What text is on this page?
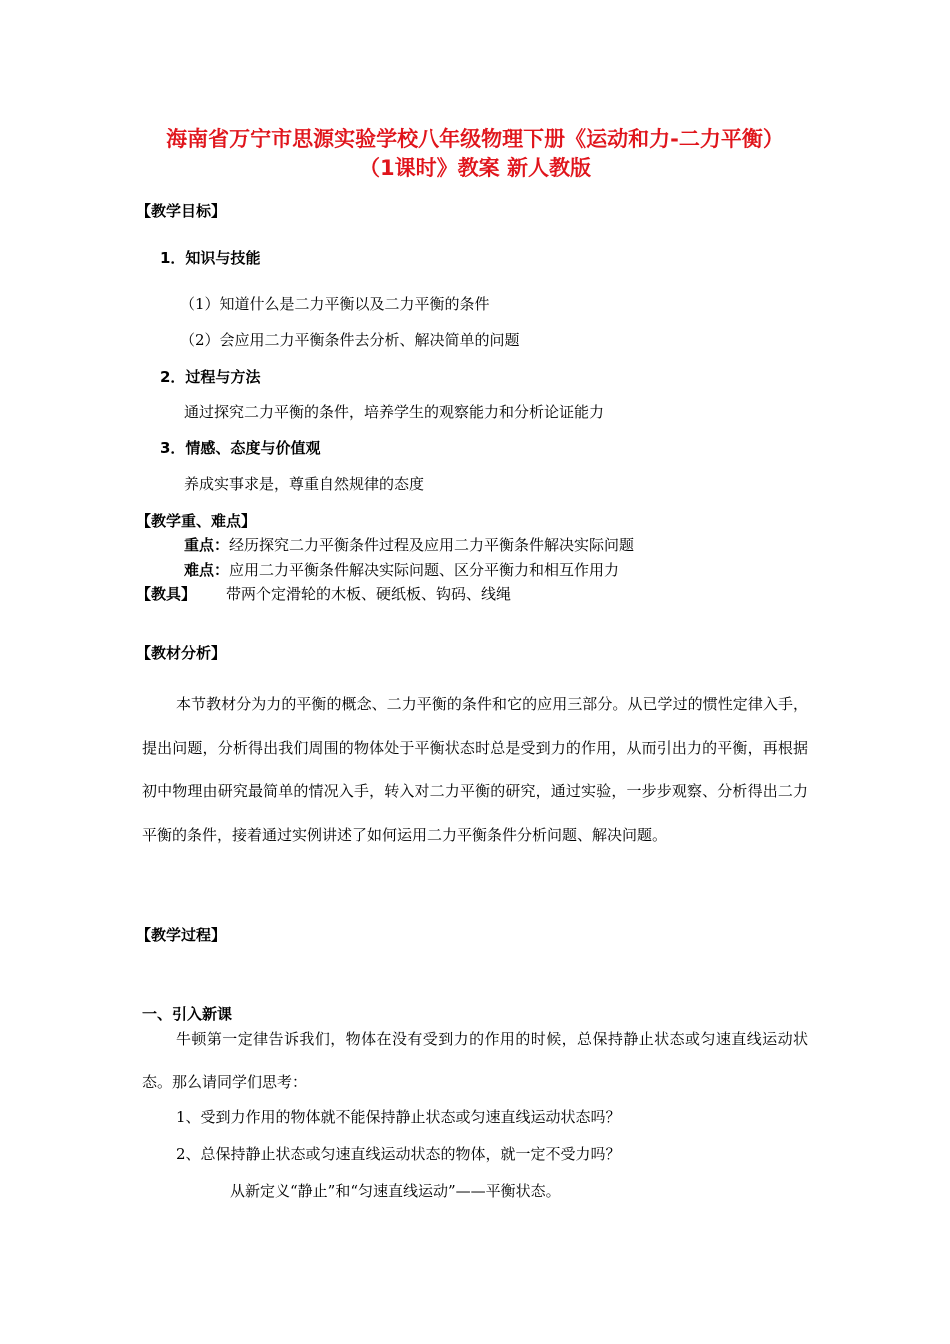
海南省万宁市思源实验学校八年级物理下册《运动和力-二力平衡）
（1课时》教案 新人教版
【教学目标】
1．知识与技能
（1）知道什么是二力平衡以及二力平衡的条件
（2）会应用二力平衡条件去分析、解决简单的问题
2．过程与方法
通过探究二力平衡的条件，培养学生的观察能力和分析论证能力
3．情感、态度与价值观
养成实事求是，尊重自然规律的态度
【教学重、难点】
重点：经历探究二力平衡条件过程及应用二力平衡条件解决实际问题
难点：应用二力平衡条件解决实际问题、区分平衡力和相互作用力
【教具】 带两个定滑轮的木板、硬纸板、钩码、线绳
【教材分析】
本节教材分为力的平衡的概念、二力平衡的条件和它的应用三部分。从已学过的惯性定律入手，提出问题，分析得出我们周围的物体处于平衡状态时总是受到力的作用，从而引出力的平衡，再根据初中物理由研究最简单的情况入手，转入对二力平衡的研究，通过实验，一步步观察、分析得出二力平衡的条件，接着通过实例讲述了如何运用二力平衡条件分析问题、解决问题。
【教学过程】
一、引入新课
牛顿第一定律告诉我们，物体在没有受到力的作用的时候，总保持静止状态或匀速直线运动状态。那么请同学们思考：
1、受到力作用的物体就不能保持静止状态或匀速直线运动状态吗？
2、总保持静止状态或匀速直线运动状态的物体，就一定不受力吗？
从新定义“静止”和“匀速直线运动”——平衡状态。
